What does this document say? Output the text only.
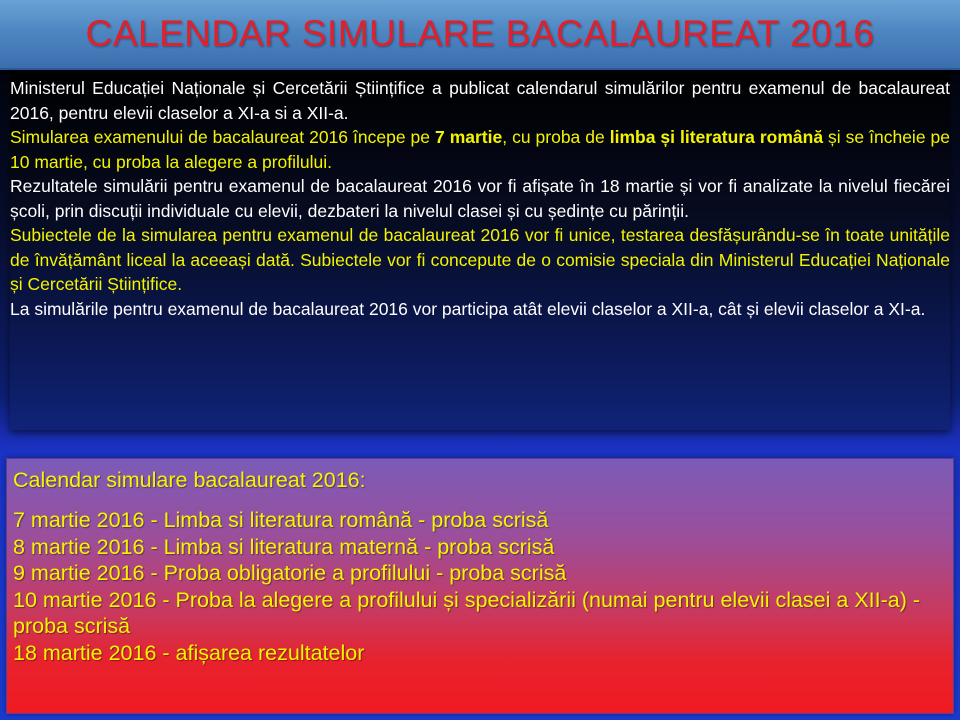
CALENDAR SIMULARE BACALAUREAT 2016

Ministerul Educației Naționale și Cercetării Științifice a publicat calendarul simulărilor pentru examenul de bacalaureat 2016, pentru elevii claselor a XI-a si a XII-a.

Simularea examenului de bacalaureat 2016 începe pe 7 martie, cu proba de limba și literatura română și se încheie pe 10 martie, cu proba la alegere a profilului.

Rezultatele simulării pentru examenul de bacalaureat 2016 vor fi afișate în 18 martie și vor fi analizate la nivelul fiecărei școli, prin discuții individuale cu elevii, dezbateri la nivelul clasei și cu ședințe cu părinții.

Subiectele de la simularea pentru examenul de bacalaureat 2016 vor fi unice, testarea desfășurându-se în toate unitățile de învățământ liceal la aceeași dată. Subiectele vor fi concepute de o comisie speciala din Ministerul Educației Naționale și Cercetării Științifice.

La simulările pentru examenul de bacalaureat 2016 vor participa atât elevii claselor a XII-a, cât și elevii claselor a XI-a.

Calendar simulare bacalaureat 2016:

7 martie 2016 - Limba si literatura română - proba scrisă
8 martie 2016 - Limba si literatura maternă - proba scrisă
9 martie 2016 - Proba obligatorie a profilului - proba scrisă
10 martie 2016 - Proba la alegere a profilului și specializării (numai pentru elevii clasei a XII-a) - proba scrisă
18 martie 2016 - afișarea rezultatelor
